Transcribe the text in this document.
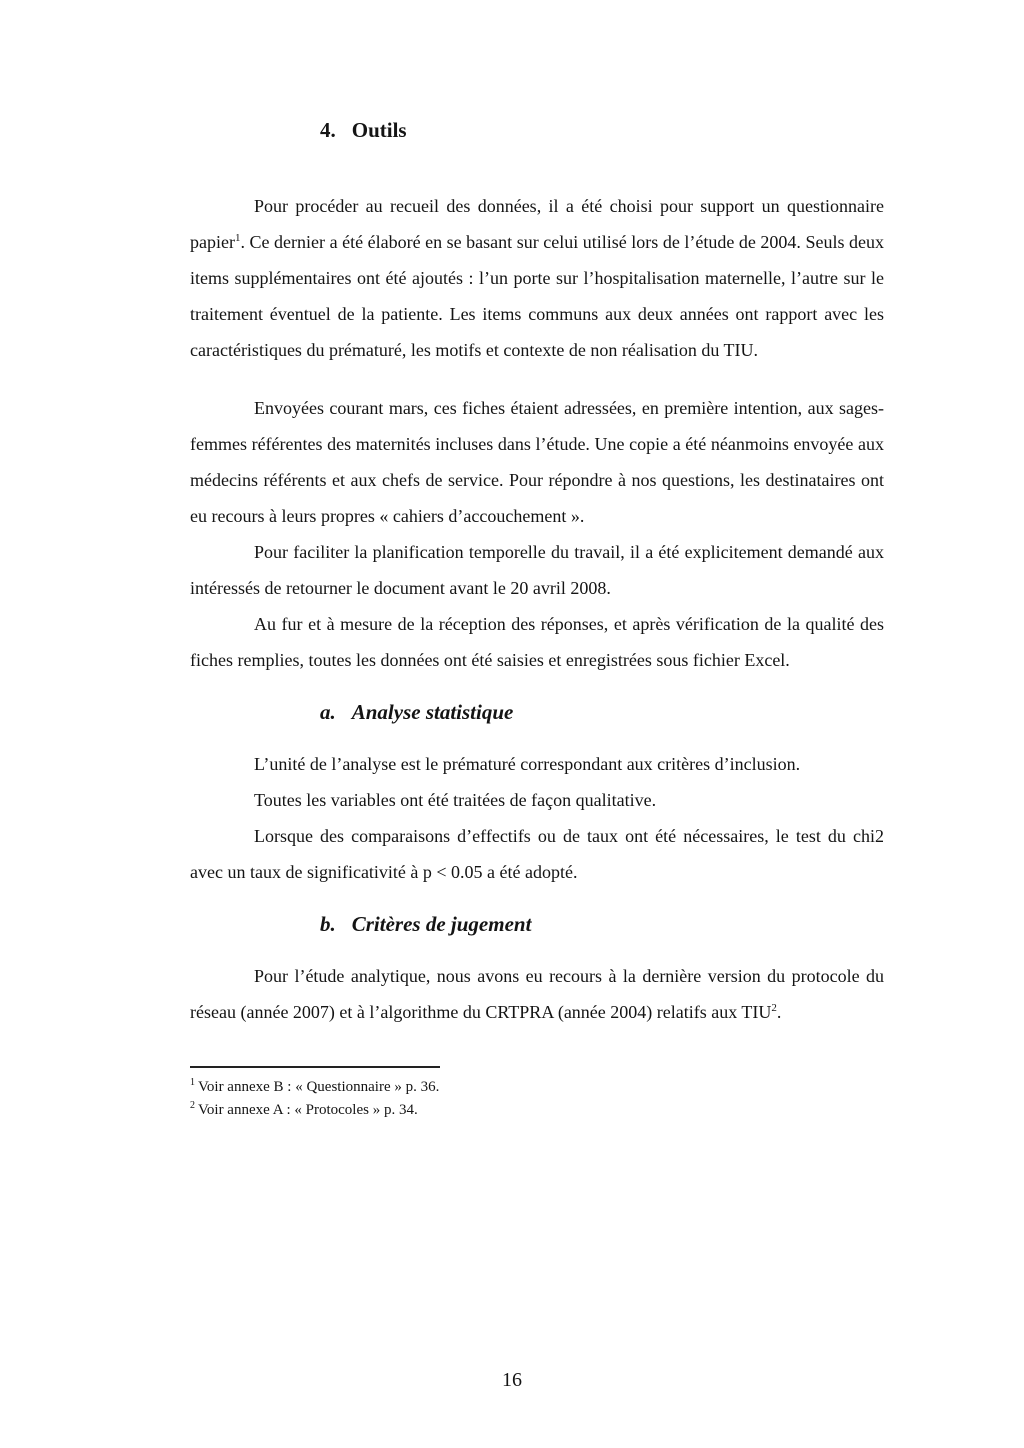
4. Outils

Pour procéder au recueil des données, il a été choisi pour support un questionnaire papier$^1$. Ce dernier a été élaboré en se basant sur celui utilisé lors de l’étude de 2004. Seuls deux items supplémentaires ont été ajoutés : l’un porte sur l’hospitalisation maternelle, l’autre sur le traitement éventuel de la patiente. Les items communs aux deux années ont rapport avec les caractéristiques du prématuré, les motifs et contexte de non réalisation du TIU.

Envoyées courant mars, ces fiches étaient adressées, en première intention, aux sages-femmes référentes des maternités incluses dans l’étude. Une copie a été néanmoins envoyée aux médecins référents et aux chefs de service. Pour répondre à nos questions, les destinataires ont eu recours à leurs propres « cahiers d’accouchement ».

Pour faciliter la planification temporelle du travail, il a été explicitement demandé aux intéressés de retourner le document avant le 20 avril 2008.

Au fur et à mesure de la réception des réponses, et après vérification de la qualité des fiches remplies, toutes les données ont été saisies et enregistrées sous fichier Excel.

a. Analyse statistique

L’unité de l’analyse est le prématuré correspondant aux critères d’inclusion.

Toutes les variables ont été traitées de façon qualitative.

Lorsque des comparaisons d’effectifs ou de taux ont été nécessaires, le test du chi2 avec un taux de significativité à p < 0.05 a été adopté.

b. Critères de jugement

Pour l’étude analytique, nous avons eu recours à la dernière version du protocole du réseau (année 2007) et à l’algorithme du CRTPRA (année 2004) relatifs aux TIU$^2$.

$^1$ Voir annexe B : « Questionnaire » p. 36.
$^2$ Voir annexe A : « Protocoles » p. 34.
16
